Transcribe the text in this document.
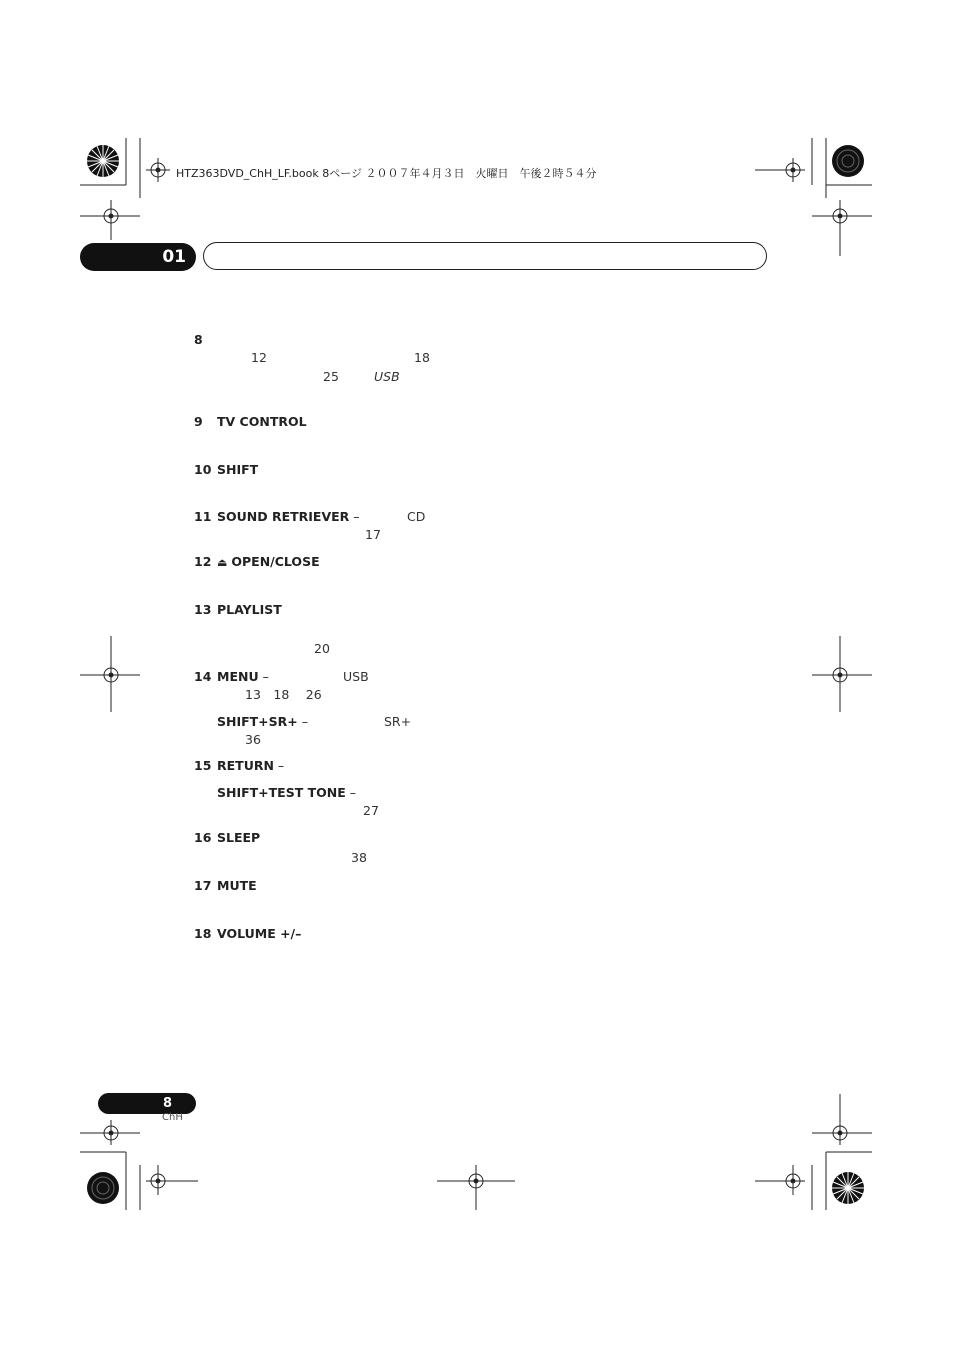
HTZ363DVD_ChH_LF.book 8ページ ２００７年４月３日　火曜日　午後２時５４分
01
8
12	18
25	USB
9 TV CONTROL
10 SHIFT
11 SOUND RETRIEVER –	CD
17
12 ⏏ OPEN/CLOSE
13 PLAYLIST
20
14 MENU –	USB
13　18　 26
SHIFT+SR+ –	SR+
36
15 RETURN –
SHIFT+TEST TONE –
27
16 SLEEP
38
17 MUTE
18 VOLUME +/–
8
ChH
